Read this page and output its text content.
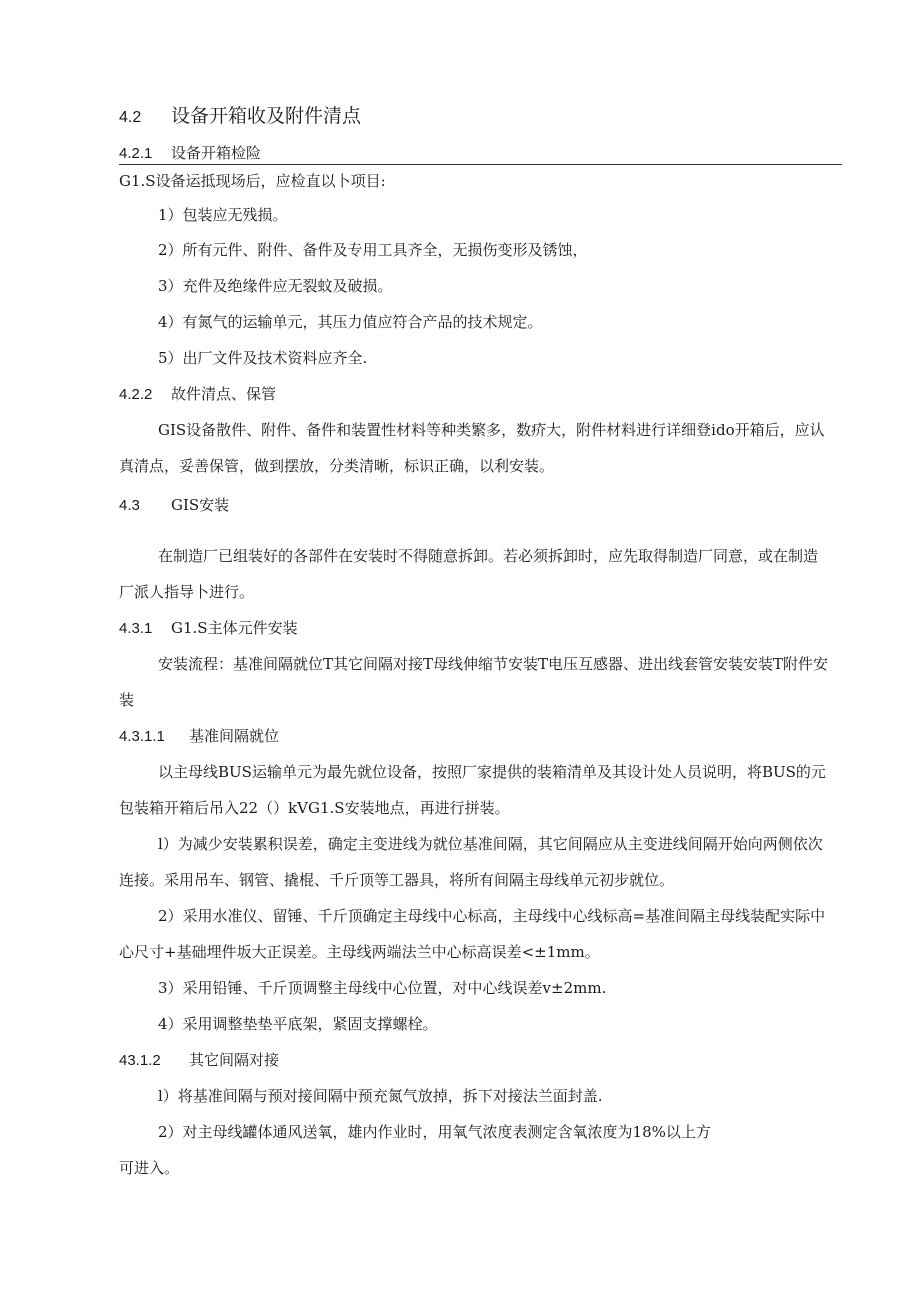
4.2 设备开箱收及附件清点
4.2.1 设备开箱检险
G1.S设备运抵现场后，应检直以卜项目:
1）包装应无残损。
2）所有元件、附件、备件及专用工具齐全，无损伤变形及锈蚀，
3）充件及绝缘件应无裂蚊及破损。
4）有氮气的运输单元，其压力值应符合产品的技术规定。
5）出厂文件及技术资料应齐全.
4.2.2 故件清点、保管
GIS设备散件、附件、备件和装置性材料等种类繁多，数疥大，附件材料进行详细登ido开箱后，应认
真清点，妥善保管，做到摆放，分类清晰，标识正确，以利安装。
4.3 GIS安装
在制造厂已组装好的各部件在安装时不得随意拆卸。若必须拆卸时，应先取得制造厂同意，或在制造
厂派人指导卜进行。
4.3.1 G1.S主体元件安装
安装流程：基准间隔就位T其它间隔对接T母线伸缩节安装T电压互感器、进出线套管安装安装T附件安
装
4.3.1.1 基准间隔就位
以主母线BUS运输单元为最先就位设备，按照厂家提供的装箱清单及其设计处人员说明，将BUS的元
包装箱开箱后吊入22（）kVG1.S安装地点，再进行拼装。
l）为减少安装累积误差，确定主变进线为就位基准间隔，其它间隔应从主变进线间隔开始向两侧依次
连接。采用吊车、钢管、撬棍、千斤顶等工器具，将所有间隔主母线单元初步就位。
2）采用水准仪、留锤、千斤顶确定主母线中心标高，主母线中心线标高=基准间隔主母线装配实际中
心尺寸+基础埋件坂大正误差。主母线两端法兰中心标高误差<±1mm。
3）采用铅锤、千斤顶调整主母线中心位置，对中心线误差v±2mm.
4）采用调整垫垫平底架，紧固支撑螺栓。
43.1.2 其它间隔对接
l）将基准间隔与预对接间隔中预充氮气放掉，拆下对接法兰面封盖.
2）对主母线罐体通风送氧，雄内作业时，用氧气浓度表测定含氧浓度为18%以上方
可进入。
